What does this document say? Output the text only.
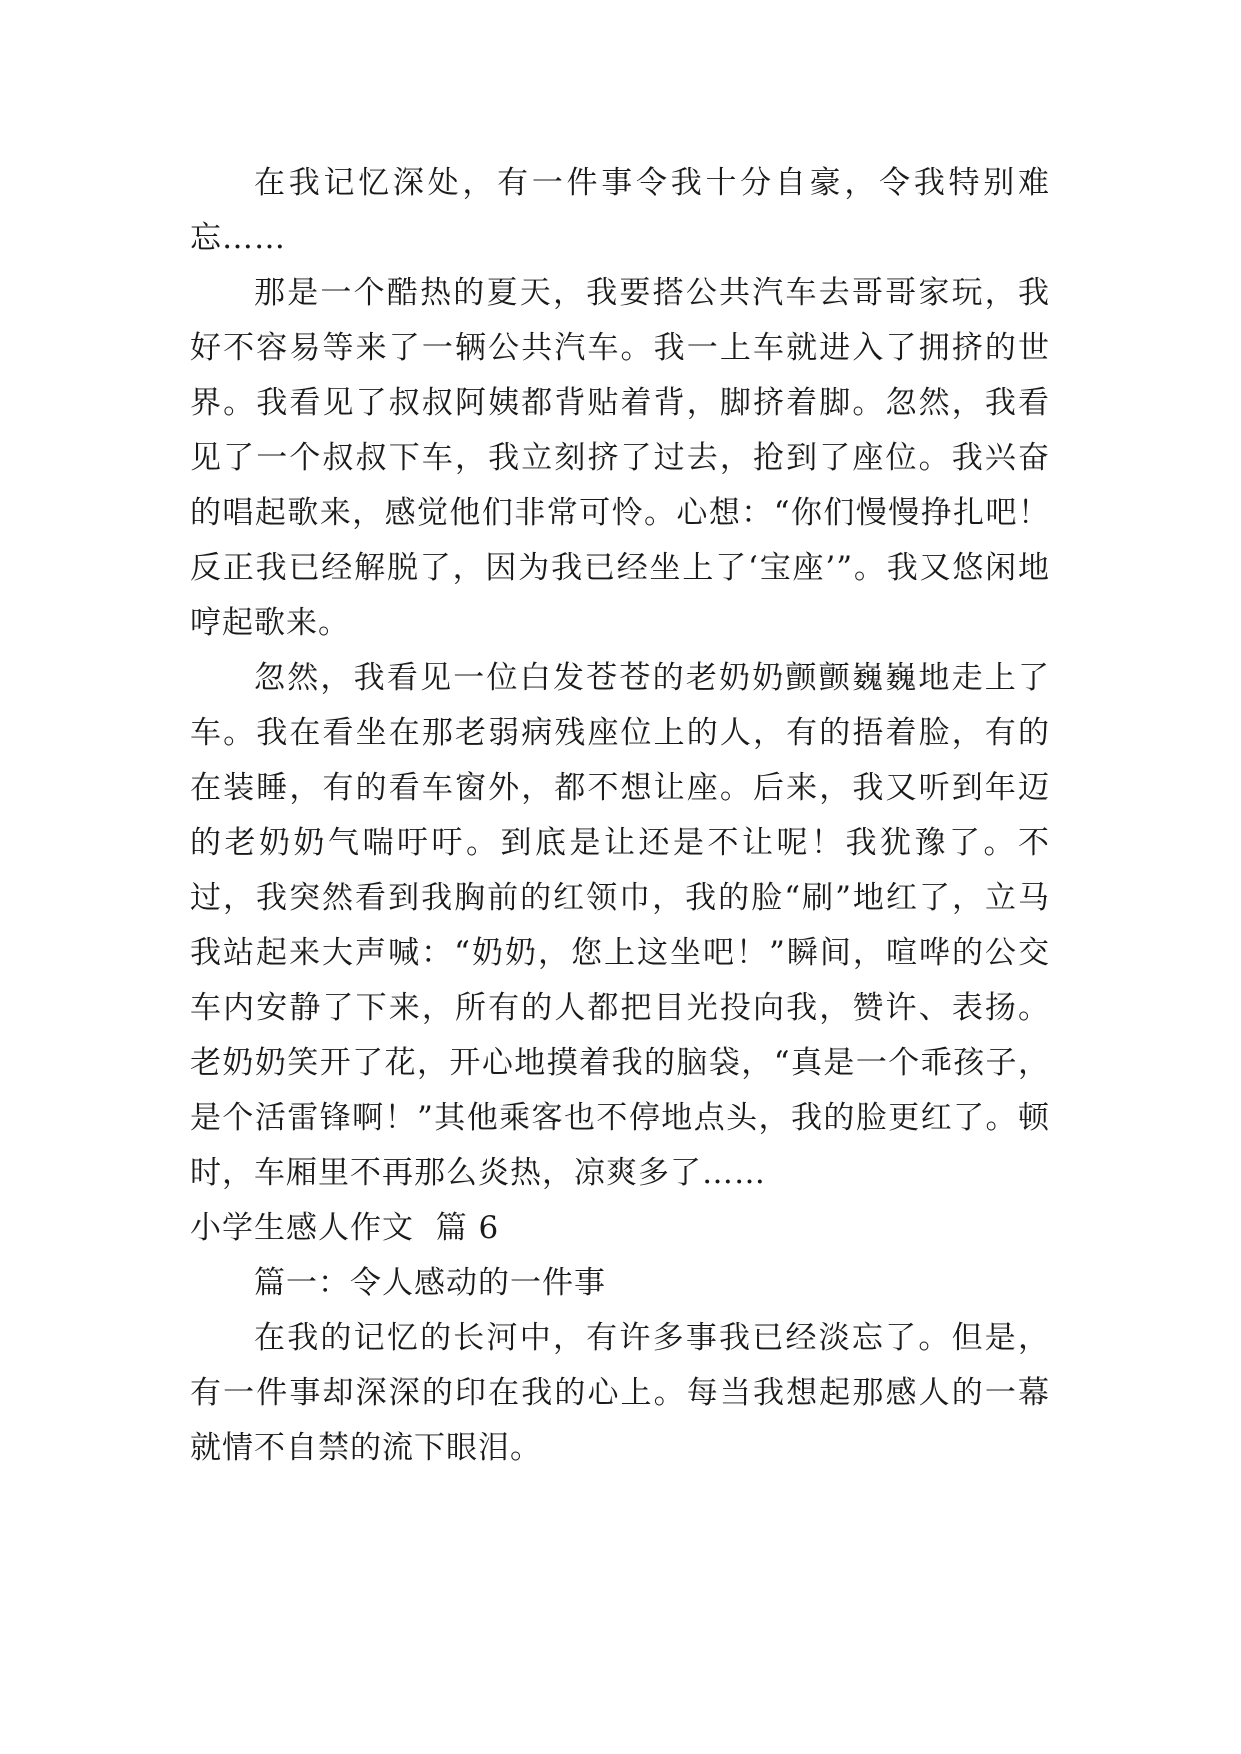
在我记忆深处，有一件事令我十分自豪，令我特别难忘……

那是一个酷热的夏天，我要搭公共汽车去哥哥家玩，我好不容易等来了一辆公共汽车。我一上车就进入了拥挤的世界。我看见了叔叔阿姨都背贴着背，脚挤着脚。忽然，我看见了一个叔叔下车，我立刻挤了过去，抢到了座位。我兴奋的唱起歌来，感觉他们非常可怜。心想：“你们慢慢挣扎吧！反正我已经解脱了，因为我已经坐上了‘宝座’”。我又悠闲地哼起歌来。

忽然，我看见一位白发苍苍的老奶奶颤颤巍巍地走上了车。我在看坐在那老弱病残座位上的人，有的捂着脸，有的在装睡，有的看车窗外，都不想让座。后来，我又听到年迈的老奶奶气喘吁吁。到底是让还是不让呢！我犹豫了。不过，我突然看到我胸前的红领巾，我的脸“刷”地红了，立马我站起来大声喊：“奶奶，您上这坐吧！”瞬间，喧哗的公交车内安静了下来，所有的人都把目光投向我，赞许、表扬。老奶奶笑开了花，开心地摸着我的脑袋，“真是一个乖孩子，是个活雷锋啊！”其他乘客也不停地点头，我的脸更红了。顿时，车厢里不再那么炎热，凉爽多了……

小学生感人作文  篇 6

篇一：令人感动的一件事

在我的记忆的长河中，有许多事我已经淡忘了。但是，有一件事却深深的印在我的心上。每当我想起那感人的一幕就情不自禁的流下眼泪。
